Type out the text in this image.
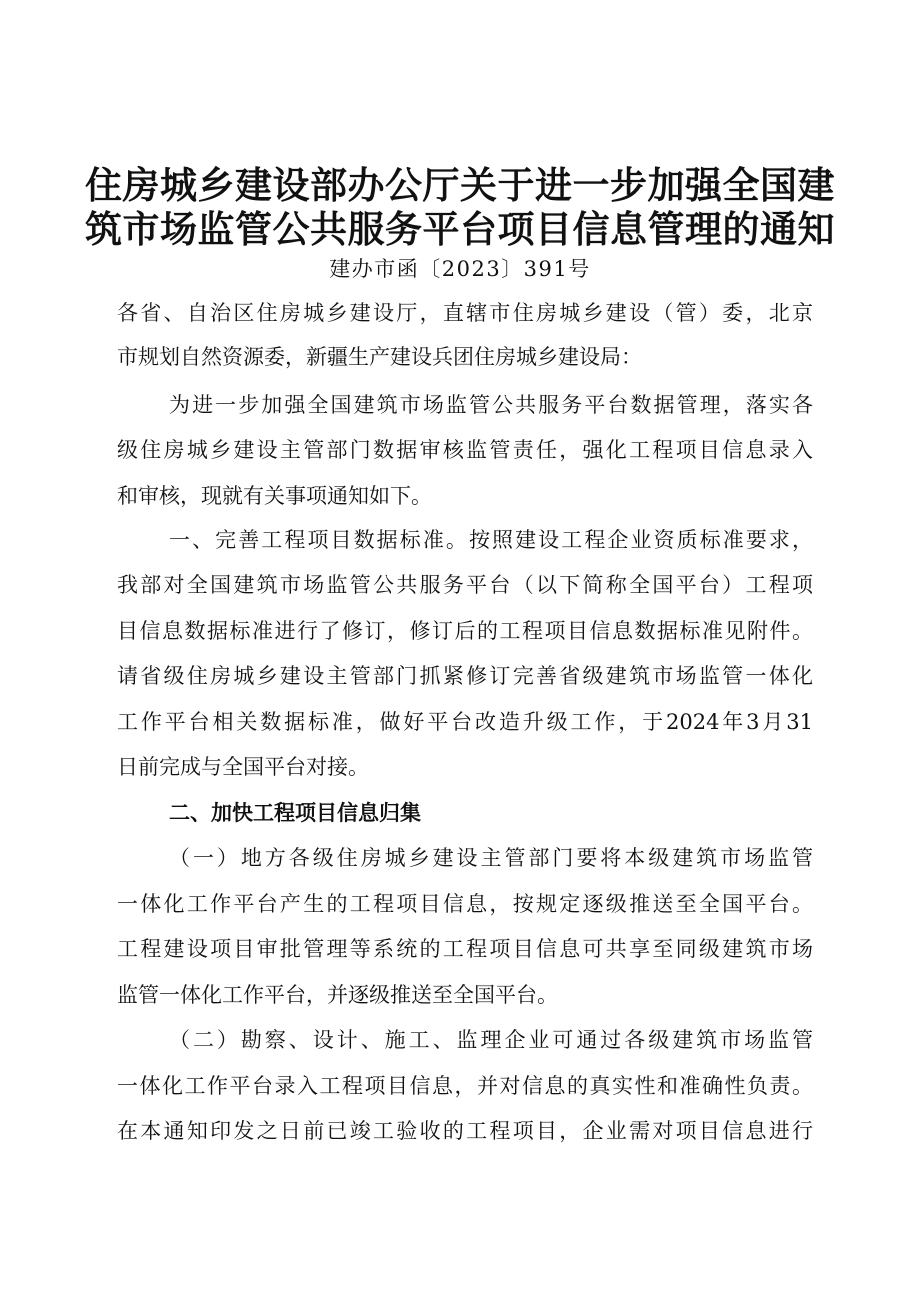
住房城乡建设部办公厅关于进一步加强全国建
筑市场监管公共服务平台项目信息管理的通知
建办市函〔2023〕391号
各省、自治区住房城乡建设厅，直辖市住房城乡建设（管）委，北京
市规划自然资源委，新疆生产建设兵团住房城乡建设局：
为进一步加强全国建筑市场监管公共服务平台数据管理，落实各
级住房城乡建设主管部门数据审核监管责任，强化工程项目信息录入
和审核，现就有关事项通知如下。
一、完善工程项目数据标准。按照建设工程企业资质标准要求，
我部对全国建筑市场监管公共服务平台（以下简称全国平台）工程项
目信息数据标准进行了修订，修订后的工程项目信息数据标准见附件。
请省级住房城乡建设主管部门抓紧修订完善省级建筑市场监管一体化
工作平台相关数据标准，做好平台改造升级工作，于2024年3月31
日前完成与全国平台对接。
二、加快工程项目信息归集
（一）地方各级住房城乡建设主管部门要将本级建筑市场监管
一体化工作平台产生的工程项目信息，按规定逐级推送至全国平台。
工程建设项目审批管理等系统的工程项目信息可共享至同级建筑市场
监管一体化工作平台，并逐级推送至全国平台。
（二）勘察、设计、施工、监理企业可通过各级建筑市场监管
一体化工作平台录入工程项目信息，并对信息的真实性和准确性负责。
在本通知印发之日前已竣工验收的工程项目，企业需对项目信息进行
